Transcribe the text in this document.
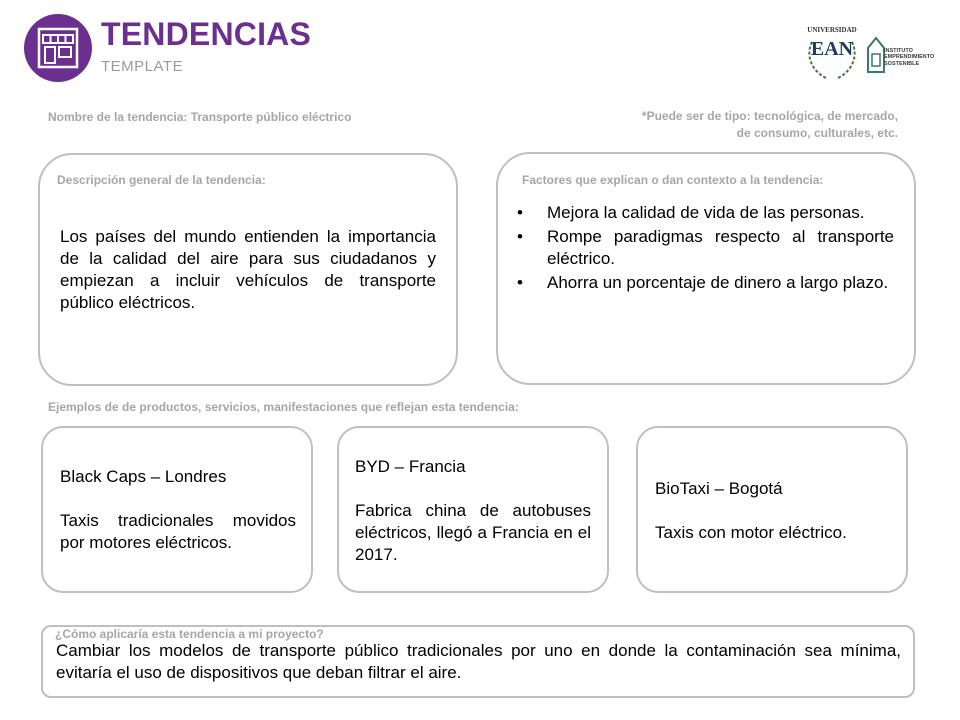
TENDENCIAS
TEMPLATE
UNIVERSIDAD
EAN	INSTITUTO
EMPRENDIMIENTO
SOSTENIBLE
Nombre de la tendencia: Transporte público eléctrico	*Puede ser de tipo: tecnológica, de mercado, de consumo, culturales, etc.
Descripción general de la tendencia:
Los países del mundo entienden la importancia de la calidad del aire para sus ciudadanos y empiezan a incluir vehículos de transporte público eléctricos.
Factores que explican o dan contexto a la tendencia:
• Mejora la calidad de vida de las personas.
• Rompe paradigmas respecto al transporte eléctrico.
• Ahorra un porcentaje de dinero a largo plazo.
Ejemplos de de productos, servicios, manifestaciones que reflejan esta tendencia:
Black Caps – Londres
Taxis tradicionales movidos por motores eléctricos.
BYD – Francia
Fabrica china de autobuses eléctricos, llegó a Francia en el 2017.
BioTaxi – Bogotá
Taxis con motor eléctrico.
¿Cómo aplicaría esta tendencia a mi proyecto?
Cambiar los modelos de transporte público tradicionales por uno en donde la contaminación sea mínima, evitaría el uso de dispositivos que deban filtrar el aire.
